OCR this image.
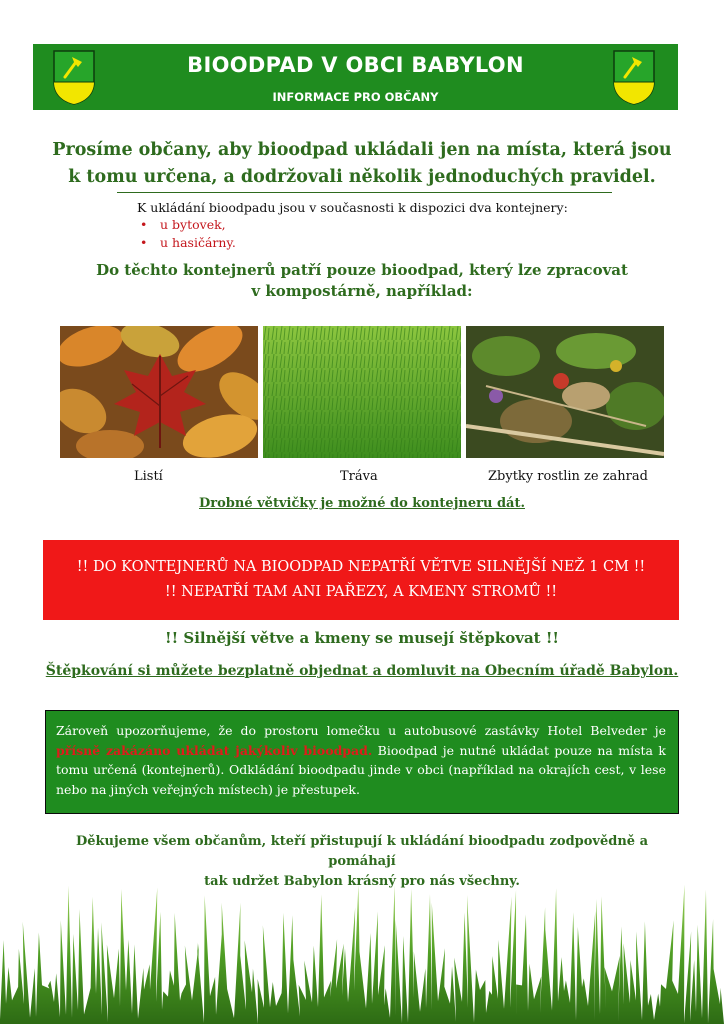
BIOODPAD V OBCI BABYLON
INFORMACE PRO OBČANY
Prosíme občany, aby bioodpad ukládali jen na místa, která jsou
k tomu určena, a dodržovali několik jednoduchých pravidel.
K ukládání bioodpadu jsou v současnosti k dispozici dva kontejnery:
• u bytovek,
• u hasičárny.
Do těchto kontejnerů patří pouze bioodpad, který lze zpracovat
v kompostárně, například:
Listí	Tráva	Zbytky rostlin ze zahrad
Drobné větvičky je možné do kontejneru dát.
!! DO KONTEJNERŮ NA BIOODPAD NEPATŘÍ VĚTVE SILNĚJŠÍ NEŽ 1 CM !!
!! NEPATŘÍ TAM ANI PAŘEZY, A KMENY STROMŮ !!
!! Silnější větve a kmeny se musejí štěpkovat !!
Štěpkování si můžete bezplatně objednat a domluvit na Obecním úřadě Babylon.
Zároveň upozorňujeme, že do prostoru lomečku u autobusové zastávky Hotel Belveder je přísně zakázáno ukládat jakýkoliv bioodpad. Bioodpad je nutné ukládat pouze na místa k tomu určená (kontejnerů). Odkládání bioodpadu jinde v obci (například na okrajích cest, v lese nebo na jiných veřejných místech) je přestupek.
Děkujeme všem občanům, kteří přistupují k ukládání bioodpadu zodpovědně a pomáhají
tak udržet Babylon krásný pro nás všechny.
